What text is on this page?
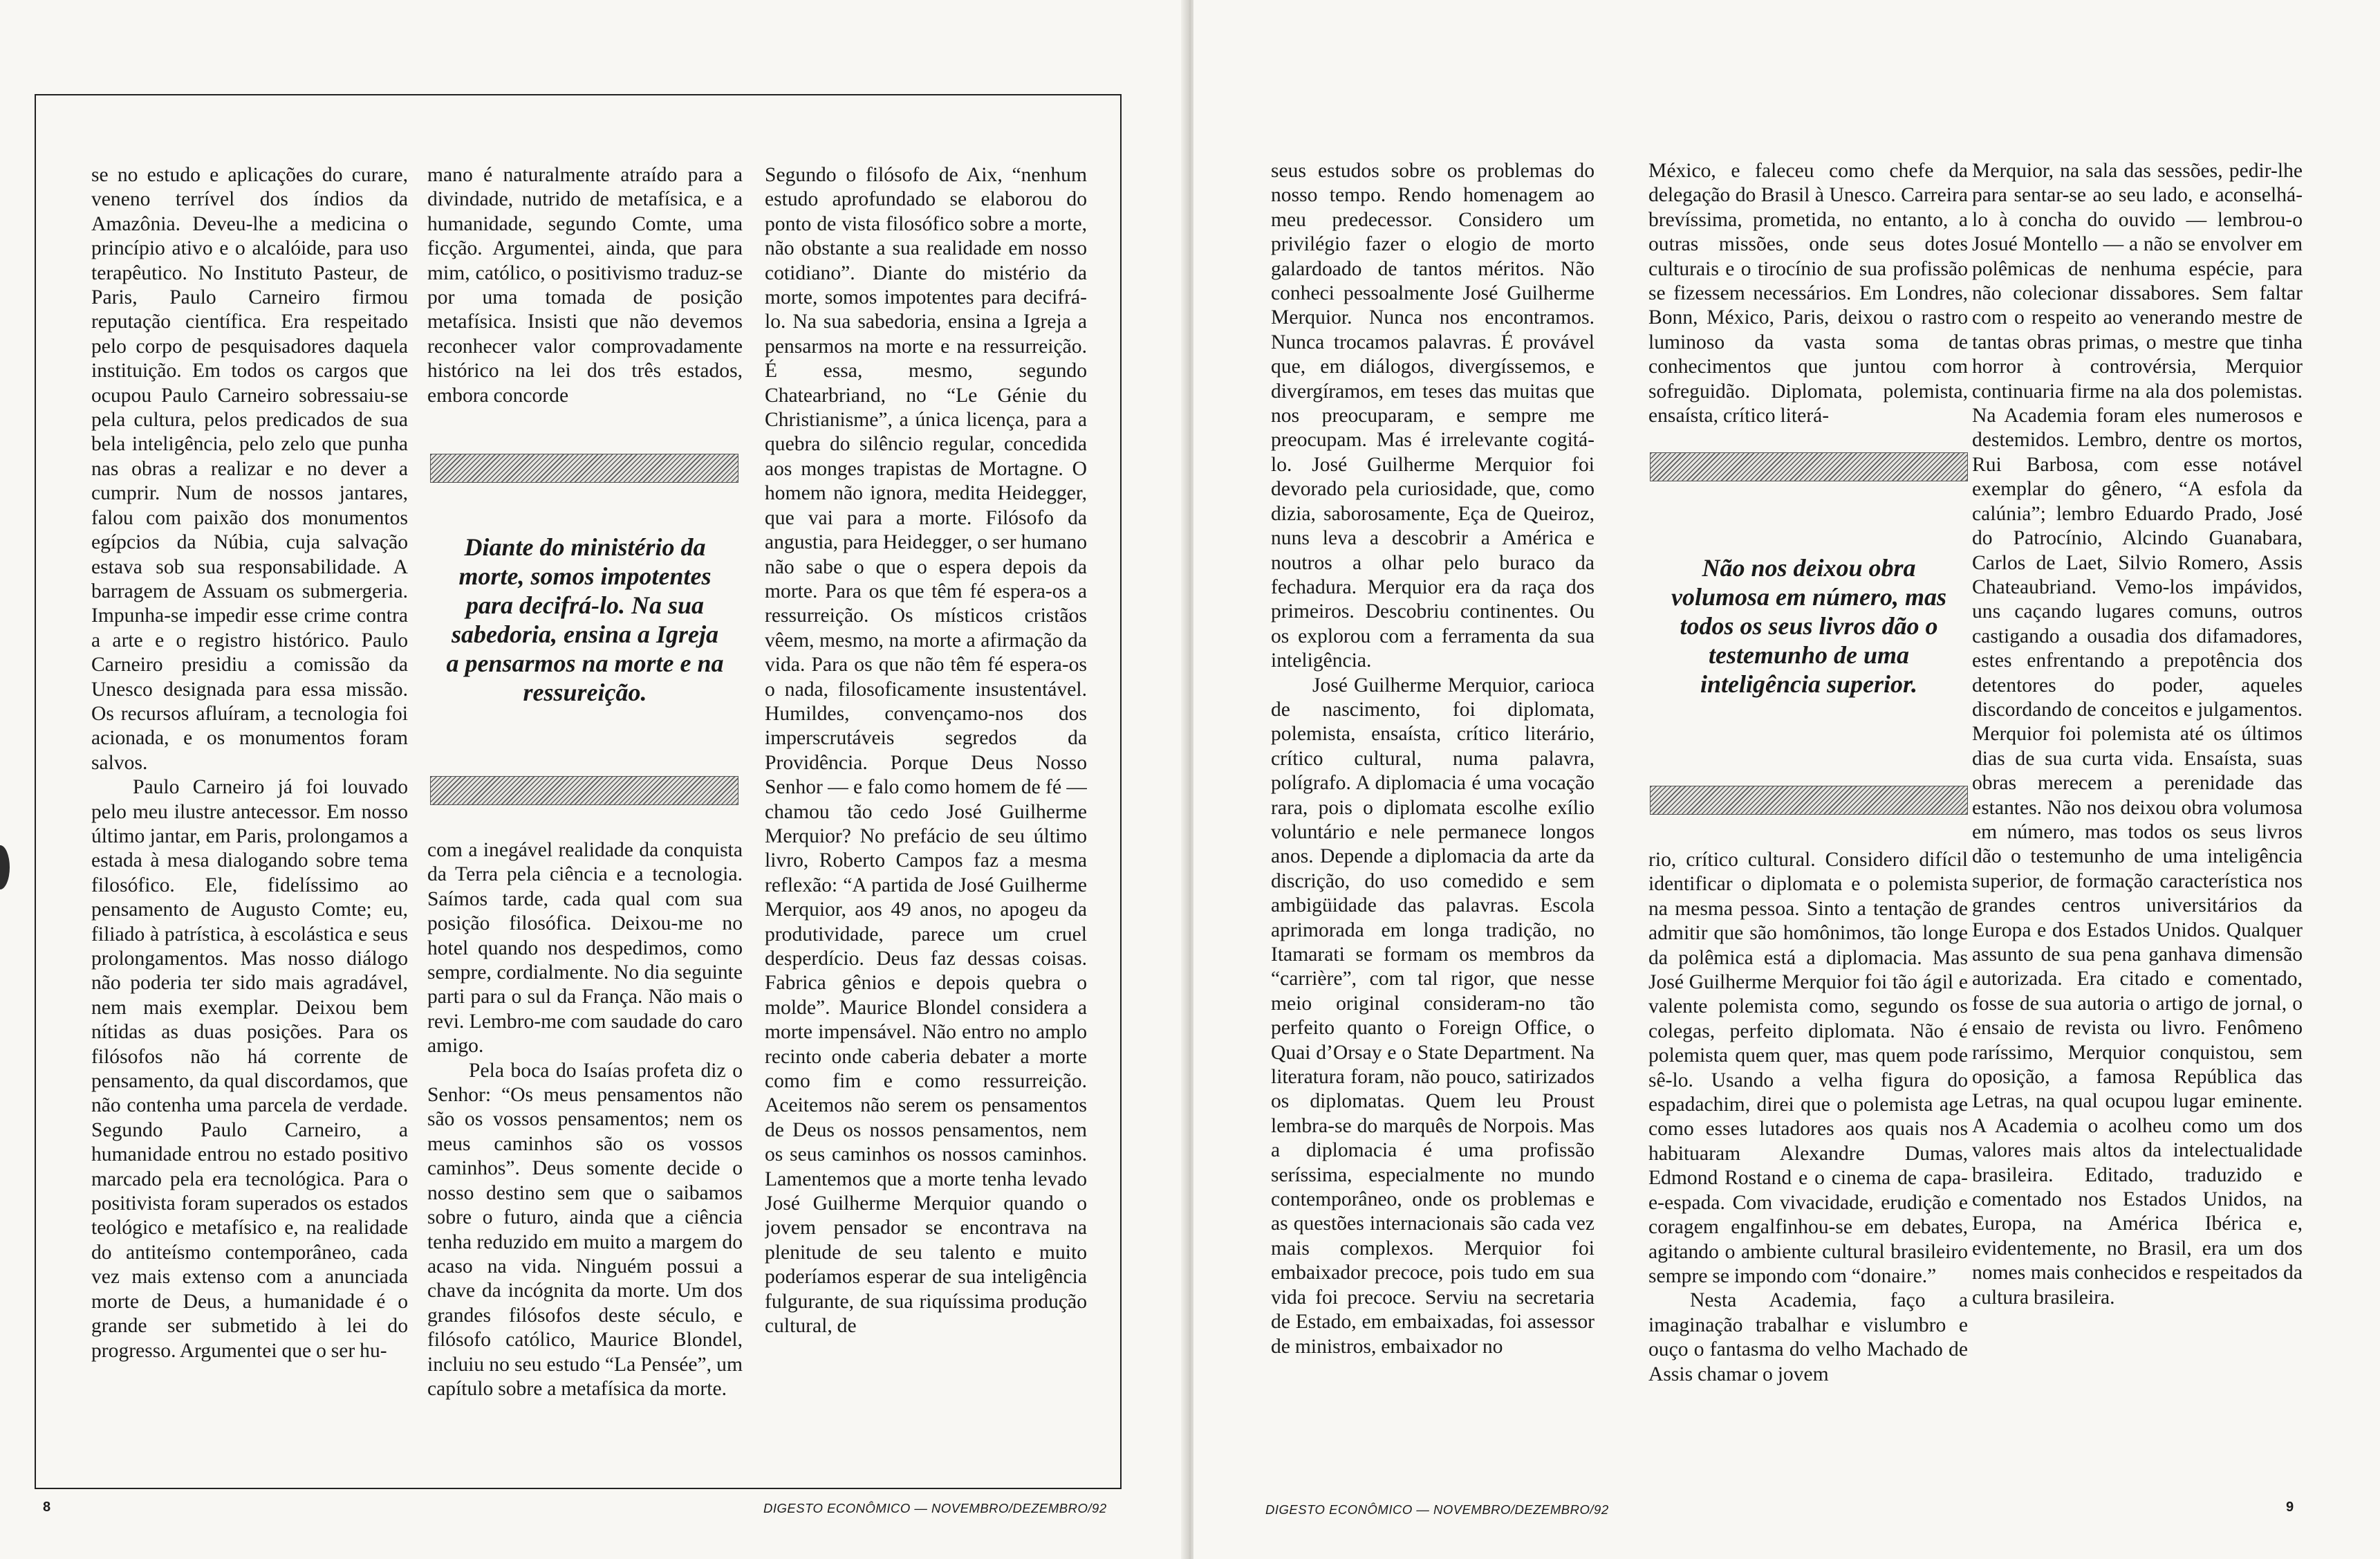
se no estudo e aplicações do curare, veneno terrível dos índios da Amazônia. Deveu-lhe a medicina o princípio ativo e o alcalóide, para uso terapêutico. No Instituto Pasteur, de Paris, Paulo Carneiro firmou reputação científica. Era respeitado pelo corpo de pesquisadores daquela instituição. Em todos os cargos que ocupou Paulo Carneiro sobressaiu-se pela cultura, pelos predicados de sua bela inteligência, pelo zelo que punha nas obras a realizar e no dever a cumprir. Num de nossos jantares, falou com paixão dos monumentos egípcios da Núbia, cuja salvação estava sob sua responsabilidade. A barragem de Assuam os submergeria. Impunha-se impedir esse crime contra a arte e o registro histórico. Paulo Carneiro presidiu a comissão da Unesco designada para essa missão. Os recursos afluíram, a tecnologia foi acionada, e os monumentos foram salvos.

Paulo Carneiro já foi louvado pelo meu ilustre antecessor. Em nosso último jantar, em Paris, prolongamos a estada à mesa dialogando sobre tema filosófico. Ele, fidelíssimo ao pensamento de Augusto Comte; eu, filiado à patrística, à escolástica e seus prolongamentos. Mas nosso diálogo não poderia ter sido mais agradável, nem mais exemplar. Deixou bem nítidas as duas posições. Para os filósofos não há corrente de pensamento, da qual discordamos, que não contenha uma parcela de verdade. Segundo Paulo Carneiro, a humanidade entrou no estado positivo marcado pela era tecnológica. Para o positivista foram superados os estados teológico e metafísico e, na realidade do antiteísmo contemporâneo, cada vez mais extenso com a anunciada morte de Deus, a humanidade é o grande ser submetido à lei do progresso. Argumentei que o ser hu-

mano é naturalmente atraído para a divindade, nutrido de metafísica, e a humanidade, segundo Comte, uma ficção. Argumentei, ainda, que para mim, católico, o positivismo traduz-se por uma tomada de posição metafísica. Insisti que não devemos reconhecer valor comprovadamente histórico na lei dos três estados, embora concorde

Diante do ministério da morte, somos impotentes para decifrá-lo. Na sua sabedoria, ensina a Igreja a pensarmos na morte e na ressureição.

com a inegável realidade da conquista da Terra pela ciência e a tecnologia. Saímos tarde, cada qual com sua posição filosófica. Deixou-me no hotel quando nos despedimos, como sempre, cordialmente. No dia seguinte parti para o sul da França. Não mais o revi. Lembro-me com saudade do caro amigo.

Pela boca do Isaías profeta diz o Senhor: “Os meus pensamentos não são os vossos pensamentos; nem os meus caminhos são os vossos caminhos”. Deus somente decide o nosso destino sem que o saibamos sobre o futuro, ainda que a ciência tenha reduzido em muito a margem do acaso na vida. Ninguém possui a chave da incógnita da morte. Um dos grandes filósofos deste século, e filósofo católico, Maurice Blondel, incluiu no seu estudo “La Pensée”, um capítulo sobre a metafísica da morte.

Segundo o filósofo de Aix, “nenhum estudo aprofundado se elaborou do ponto de vista filosófico sobre a morte, não obstante a sua realidade em nosso cotidiano”. Diante do mistério da morte, somos impotentes para decifrá-lo. Na sua sabedoria, ensina a Igreja a pensarmos na morte e na ressurreição. É essa, mesmo, segundo Chatearbriand, no “Le Génie du Christianisme”, a única licença, para a quebra do silêncio regular, concedida aos monges trapistas de Mortagne. O homem não ignora, medita Heidegger, que vai para a morte. Filósofo da angustia, para Heidegger, o ser humano não sabe o que o espera depois da morte. Para os que têm fé espera-os a ressurreição. Os místicos cristãos vêem, mesmo, na morte a afirmação da vida. Para os que não têm fé espera-os o nada, filosoficamente insustentável. Humildes, convençamo-nos dos imperscrutáveis segredos da Providência. Porque Deus Nosso Senhor — e falo como homem de fé — chamou tão cedo José Guilherme Merquior? No prefácio de seu último livro, Roberto Campos faz a mesma reflexão: “A partida de José Guilherme Merquior, aos 49 anos, no apogeu da produtividade, parece um cruel desperdício. Deus faz dessas coisas. Fabrica gênios e depois quebra o molde”. Maurice Blondel considera a morte impensável. Não entro no amplo recinto onde caberia debater a morte como fim e como ressurreição. Aceitemos não serem os pensamentos de Deus os nossos pensamentos, nem os seus caminhos os nossos caminhos. Lamentemos que a morte tenha levado José Guilherme Merquior quando o jovem pensador se encontrava na plenitude de seu talento e muito poderíamos esperar de sua inteligência fulgurante, de sua riquíssima produção cultural, de

8	DIGESTO ECONÔMICO — NOVEMBRO/DEZEMBRO/92

seus estudos sobre os problemas do nosso tempo. Rendo homenagem ao meu predecessor. Considero um privilégio fazer o elogio de morto galardoado de tantos méritos. Não conheci pessoalmente José Guilherme Merquior. Nunca nos encontramos. Nunca trocamos palavras. É provável que, em diálogos, divergíssemos, e divergíramos, em teses das muitas que nos preocuparam, e sempre me preocupam. Mas é irrelevante cogitá-lo. José Guilherme Merquior foi devorado pela curiosidade, que, como dizia, saborosamente, Eça de Queiroz, nuns leva a descobrir a América e noutros a olhar pelo buraco da fechadura. Merquior era da raça dos primeiros. Descobriu continentes. Ou os explorou com a ferramenta da sua inteligência.

José Guilherme Merquior, carioca de nascimento, foi diplomata, polemista, ensaísta, crítico literário, crítico cultural, numa palavra, polígrafo. A diplomacia é uma vocação rara, pois o diplomata escolhe exílio voluntário e nele permanece longos anos. Depende a diplomacia da arte da discrição, do uso comedido e sem ambigüidade das palavras. Escola aprimorada em longa tradição, no Itamarati se formam os membros da “carrière”, com tal rigor, que nesse meio original consideram-no tão perfeito quanto o Foreign Office, o Quai d’Orsay e o State Department. Na literatura foram, não pouco, satirizados os diplomatas. Quem leu Proust lembra-se do marquês de Norpois. Mas a diplomacia é uma profissão seríssima, especialmente no mundo contemporâneo, onde os problemas e as questões internacionais são cada vez mais complexos. Merquior foi embaixador precoce, pois tudo em sua vida foi precoce. Serviu na secretaria de Estado, em embaixadas, foi assessor de ministros, embaixador no

México, e faleceu como chefe da delegação do Brasil à Unesco. Carreira brevíssima, prometida, no entanto, a outras missões, onde seus dotes culturais e o tirocínio de sua profissão se fizessem necessários. Em Londres, Bonn, México, Paris, deixou o rastro luminoso da vasta soma de conhecimentos que juntou com sofreguidão. Diplomata, polemista, ensaísta, crítico literá-

Não nos deixou obra volumosa em número, mas todos os seus livros dão o testemunho de uma inteligência superior.

rio, crítico cultural. Considero difícil identificar o diplomata e o polemista na mesma pessoa. Sinto a tentação de admitir que são homônimos, tão longe da polêmica está a diplomacia. Mas José Guilherme Merquior foi tão ágil e valente polemista como, segundo os colegas, perfeito diplomata. Não é polemista quem quer, mas quem pode sê-lo. Usando a velha figura do espadachim, direi que o polemista age como esses lutadores aos quais nos habituaram Alexandre Dumas, Edmond Rostand e o cinema de capa-e-espada. Com vivacidade, erudição e coragem engalfinhou-se em debates, agitando o ambiente cultural brasileiro sempre se impondo com “donaire.”

Nesta Academia, faço a imaginação trabalhar e vislumbro e ouço o fantasma do velho Machado de Assis chamar o jovem

Merquior, na sala das sessões, pedir-lhe para sentar-se ao seu lado, e aconselhá-lo à concha do ouvido — lembrou-o Josué Montello — a não se envolver em polêmicas de nenhuma espécie, para não colecionar dissabores. Sem faltar com o respeito ao venerando mestre de tantas obras primas, o mestre que tinha horror à controvérsia, Merquior continuaria firme na ala dos polemistas. Na Academia foram eles numerosos e destemidos. Lembro, dentre os mortos, Rui Barbosa, com esse notável exemplar do gênero, “A esfola da calúnia”; lembro Eduardo Prado, José do Patrocínio, Alcindo Guanabara, Carlos de Laet, Silvio Romero, Assis Chateaubriand. Vemo-los impávidos, uns caçando lugares comuns, outros castigando a ousadia dos difamadores, estes enfrentando a prepotência dos detentores do poder, aqueles discordando de conceitos e julgamentos. Merquior foi polemista até os últimos dias de sua curta vida. Ensaísta, suas obras merecem a perenidade das estantes. Não nos deixou obra volumosa em número, mas todos os seus livros dão o testemunho de uma inteligência superior, de formação característica nos grandes centros universitários da Europa e dos Estados Unidos. Qualquer assunto de sua pena ganhava dimensão autorizada. Era citado e comentado, fosse de sua autoria o artigo de jornal, o ensaio de revista ou livro. Fenômeno raríssimo, Merquior conquistou, sem oposição, a famosa República das Letras, na qual ocupou lugar eminente. A Academia o acolheu como um dos valores mais altos da intelectualidade brasileira. Editado, traduzido e comentado nos Estados Unidos, na Europa, na América Ibérica e, evidentemente, no Brasil, era um dos nomes mais conhecidos e respeitados da cultura brasileira.

DIGESTO ECONÔMICO — NOVEMBRO/DEZEMBRO/92	9
